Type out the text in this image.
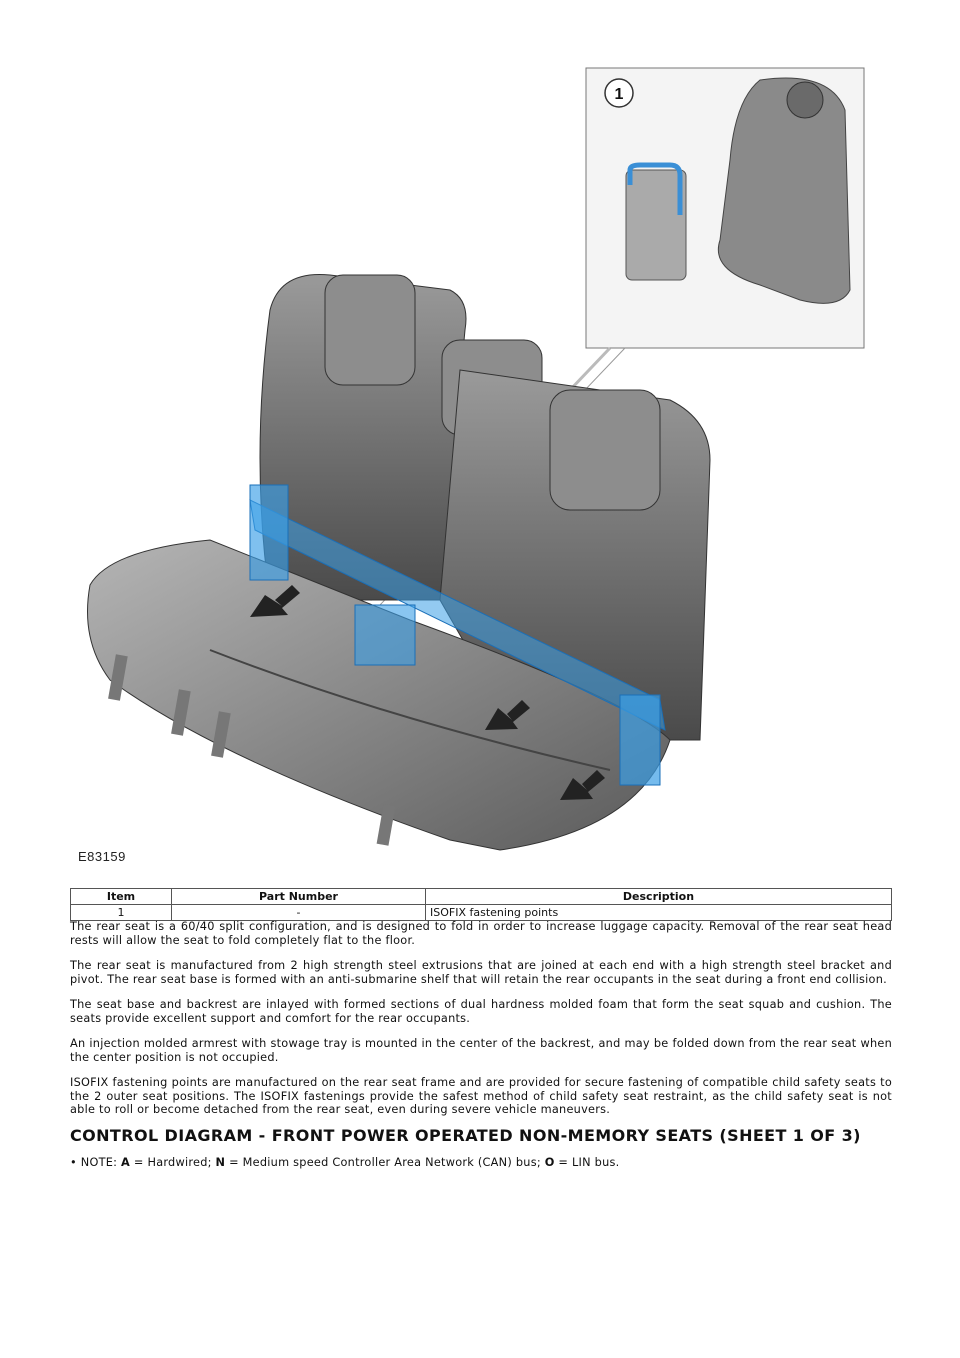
1
E83159
Item	Part Number	Description
1	-	ISOFIX fastening points

The rear seat is a 60/40 split configuration, and is designed to fold in order to increase luggage capacity. Removal of the rear seat head rests will allow the seat to fold completely flat to the floor.

The rear seat is manufactured from 2 high strength steel extrusions that are joined at each end with a high strength steel bracket and pivot. The rear seat base is formed with an anti-submarine shelf that will retain the rear occupants in the seat during a front end collision.

The seat base and backrest are inlayed with formed sections of dual hardness molded foam that form the seat squab and cushion. The seats provide excellent support and comfort for the rear occupants.

An injection molded armrest with stowage tray is mounted in the center of the backrest, and may be folded down from the rear seat when the center position is not occupied.

ISOFIX fastening points are manufactured on the rear seat frame and are provided for secure fastening of compatible child safety seats to the 2 outer seat positions. The ISOFIX fastenings provide the safest method of child safety seat restraint, as the child safety seat is not able to roll or become detached from the rear seat, even during severe vehicle maneuvers.

CONTROL DIAGRAM - FRONT POWER OPERATED NON-MEMORY SEATS (SHEET 1 OF 3)

• NOTE: A = Hardwired; N = Medium speed Controller Area Network (CAN) bus; O = LIN bus.
